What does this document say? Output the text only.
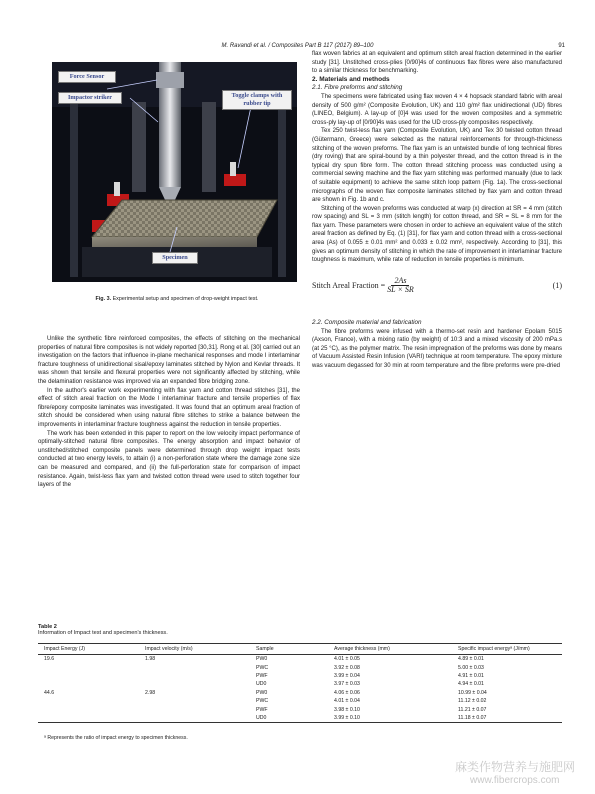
M. Ravandi et al. / Composites Part B 117 (2017) 89–100	91
Force Sensor
Impactor striker	Toggle clamps with rubber tip
Specimen
Fig. 3. Experimental setup and specimen of drop-weight impact test.

Unlike the synthetic fibre reinforced composites, the effects of stitching on the mechanical properties of natural fibre composites is not widely reported [30,31]. Rong et al. [30] carried out an investigation on the factors that influence in-plane mechanical responses and mode I interlaminar fracture toughness of unidirectional sisal/epoxy laminates stitched by Nylon and Kevlar threads. It was shown that tensile and flexural properties were not significantly affected by stitching, while the delamination resistance was improved via an expanded fibre bridging zone.

In the author's earlier work experimenting with flax yarn and cotton thread stitches [31], the effect of stitch areal fraction on the Mode I interlaminar fracture and tensile properties of flax fibre/epoxy composite laminates was investigated. It was found that an optimum areal fraction of stitch should be considered when using natural fibre stitches to strike a balance between the improvements in interlaminar fracture toughness against the reduction in tensile properties.

The work has been extended in this paper to report on the low velocity impact performance of optimally-stitched natural fibre composites. The energy absorption and impact behavior of unstitched/stitched composite panels were determined through drop weight impact tests conducted at two energy levels, to attain (i) a non-perforation state where the damage zone size can be measured and compared, and (ii) the full-perforation state for comparison of impact resistance. Again, twist-less flax yarn and twisted cotton thread were used to stitch together four layers of the

flax woven fabrics at an equivalent and optimum stitch areal fraction determined in the earlier study [31]. Unstitched cross-plies [0/90]4s of continuous flax fibres were also manufactured to a similar thickness for benchmarking.

2. Materials and methods

2.1. Fibre preforms and stitching

The specimens were fabricated using flax woven 4 × 4 hopsack standard fabric with areal density of 500 g/m² (Composite Evolution, UK) and 110 g/m² flax unidirectional (UD) fibres (LINEO, Belgium). A lay-up of [0]4 was used for the woven composites and a symmetric cross-ply lay-up of [0/90]4s was used for the UD cross-ply composites respectively.

Tex 250 twist-less flax yarn (Composite Evolution, UK) and Tex 30 twisted cotton thread (Gütermann, Greece) were selected as the natural reinforcements for through-thickness stitching of the woven preforms. The flax yarn is an untwisted bundle of long technical fibres (dry roving) that are spiral-bound by a thin polyester thread, and the cotton thread is in the typical dry spun fibre form. The cotton thread stitching process was conducted using a commercial sewing machine and the flax yarn stitching was performed manually (due to lack of suitable equipment) to achieve the same stitch loop pattern (Fig. 1a). The cross-sectional micrographs of the woven flax composite laminates stitched by flax yarn and cotton thread are shown in Fig. 1b and c.

Stitching of the woven preforms was conducted at warp (x) direction at SR = 4 mm (stitch row spacing) and SL = 3 mm (stitch length) for cotton thread, and SR = SL = 8 mm for the flax yarn. These parameters were chosen in order to achieve an equivalent value of the stitch areal fraction as defined by Eq. (1) [31], for flax yarn and cotton thread with a cross-sectional area (As) of 0.055 ± 0.01 mm² and 0.033 ± 0.02 mm², respectively. According to [31], this gives an optimum density of stitching in which the rate of improvement in interlaminar fracture toughness is maximum, while rate of reduction in tensile properties is minimum.

Stitch Areal Fraction = $\frac{2As}{SL \times SR}$	(1)

2.2. Composite material and fabrication

The fibre preforms were infused with a thermo-set resin and hardener Epolam 5015 (Axson, France), with a mixing ratio (by weight) of 10:3 and a mixed viscosity of 200 mPa.s (at 25 °C), as the polymer matrix. The resin impregnation of the preforms was done by means of Vacuum Assisted Resin Infusion (VARI) technique at room temperature. The epoxy mixture was vacuum degassed for 30 min at room temperature and the fibre preforms were pre-dried

Table 2
Information of Impact test and specimen's thickness.
Impact Energy (J)	Impact velocity (m/s)	Sample	Average thickness (mm)	Specific impact energyᵃ (J/mm)
19.6	1.98	PW0	4.01 ± 0.05	4.89 ± 0.01
		PWC	3.92 ± 0.08	5.00 ± 0.03
		PWF	3.99 ± 0.04	4.91 ± 0.01
		UD0	3.97 ± 0.03	4.94 ± 0.01
44.6	2.98	PW0	4.06 ± 0.06	10.99 ± 0.04
		PWC	4.01 ± 0.04	11.12 ± 0.02
		PWF	3.98 ± 0.10	11.21 ± 0.07
		UD0	3.99 ± 0.10	11.18 ± 0.07
ᵃ Represents the ratio of impact energy to specimen thickness.
麻类作物营养与施肥网
www.fibercrops.com
